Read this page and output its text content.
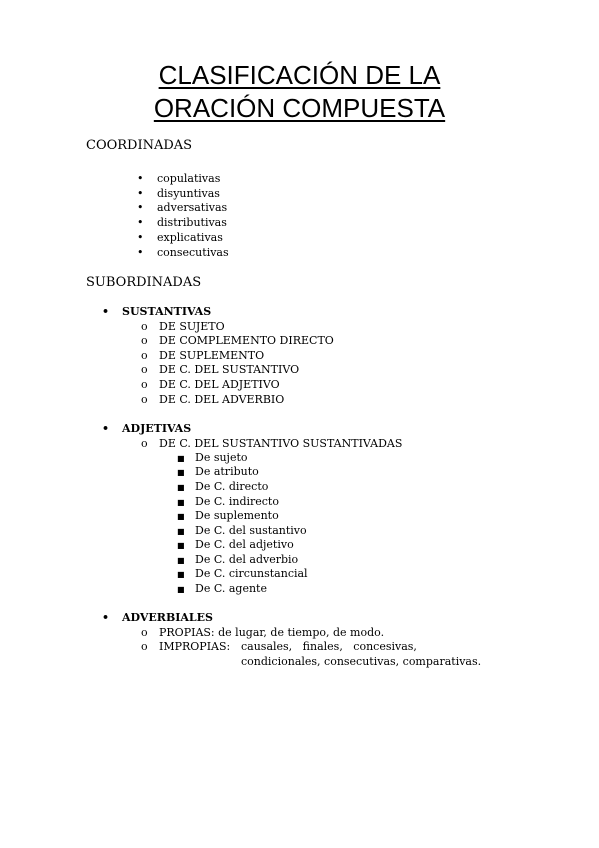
CLASIFICACIÓN DE LA
ORACIÓN COMPUESTA
COORDINADAS
• copulativas
• disyuntivas
• adversativas
• distributivas
• explicativas
• consecutivas
SUBORDINADAS
• SUSTANTIVAS
o DE SUJETO
o DE COMPLEMENTO DIRECTO
o DE SUPLEMENTO
o DE C. DEL SUSTANTIVO
o DE C. DEL ADJETIVO
o DE C. DEL ADVERBIO
• ADJETIVAS
o DE C. DEL SUSTANTIVO SUSTANTIVADAS
■ De sujeto
■ De atributo
■ De C. directo
■ De C. indirecto
■ De suplemento
■ De C. del sustantivo
■ De C. del adjetivo
■ De C. del adverbio
■ De C. circunstancial
■ De C. agente
• ADVERBIALES
o PROPIAS: de lugar, de tiempo, de modo.
o IMPROPIAS: causales,   finales,   concesivas,
condicionales, consecutivas, comparativas.
